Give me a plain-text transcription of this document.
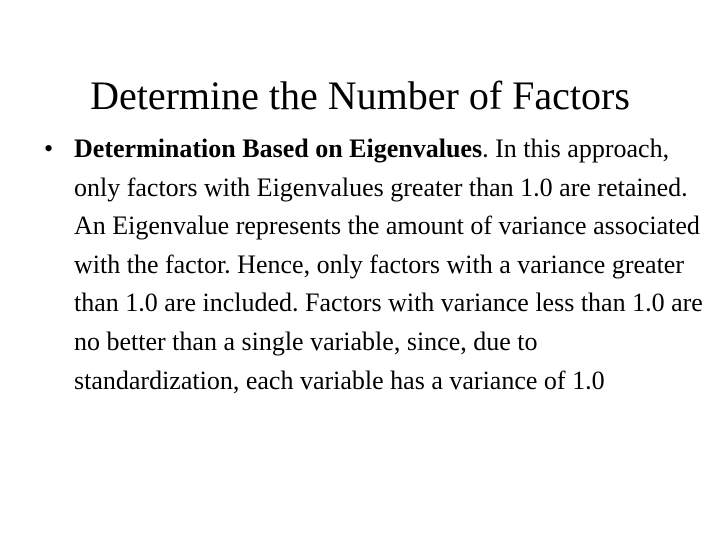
Determine the Number of Factors
• Determination Based on Eigenvalues. In this approach, only factors with Eigenvalues greater than 1.0 are retained. An Eigenvalue represents the amount of variance associated with the factor. Hence, only factors with a variance greater than 1.0 are included. Factors with variance less than 1.0 are no better than a single variable, since, due to standardization, each variable has a variance of 1.0
